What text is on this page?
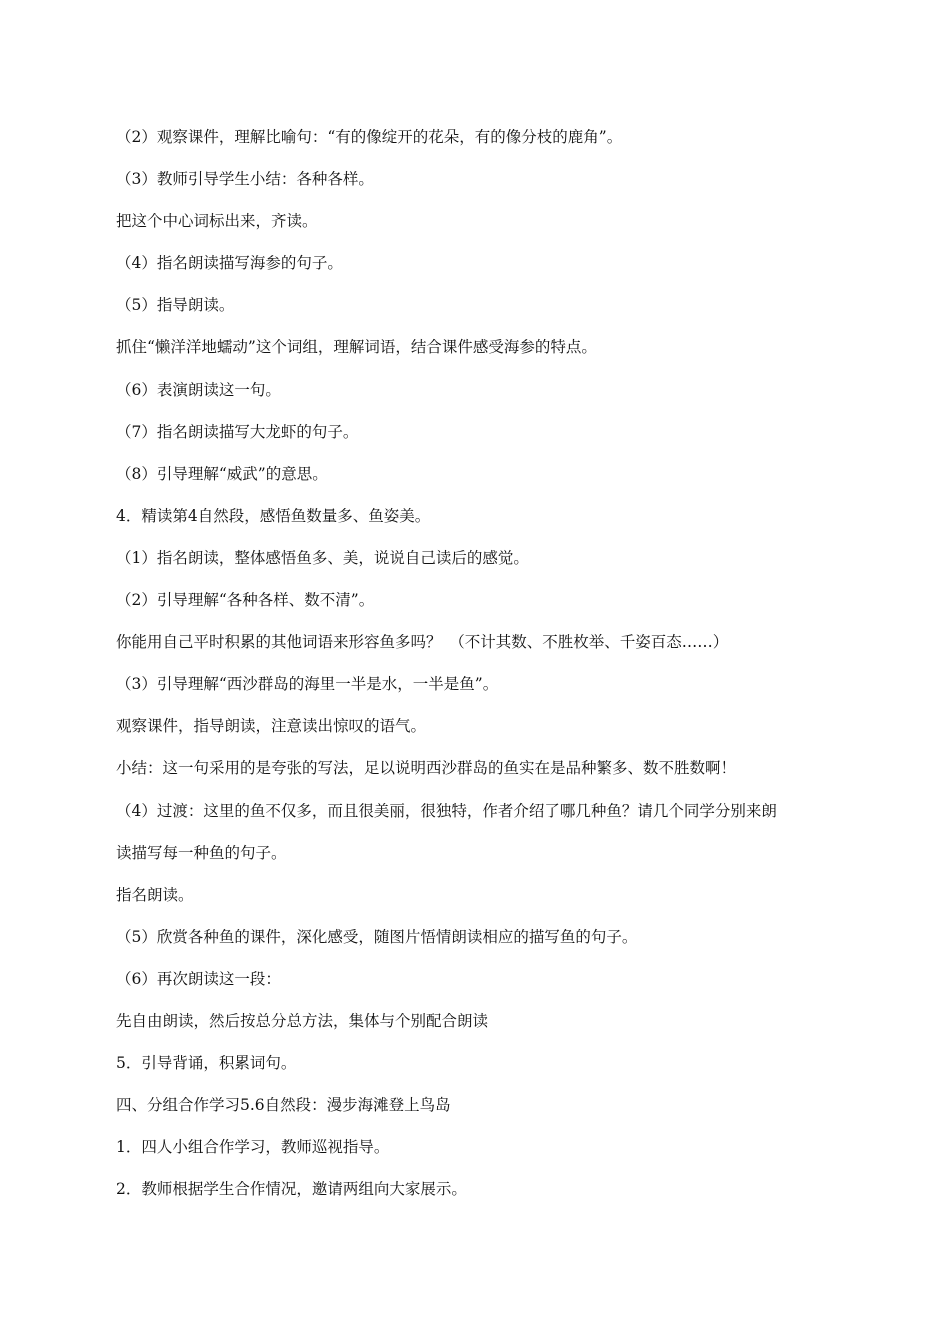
（2）观察课件，理解比喻句：“有的像绽开的花朵，有的像分枝的鹿角”。
（3）教师引导学生小结：各种各样。
把这个中心词标出来，齐读。
（4）指名朗读描写海参的句子。
（5）指导朗读。
抓住“懒洋洋地蠕动”这个词组，理解词语，结合课件感受海参的特点。
（6）表演朗读这一句。
（7）指名朗读描写大龙虾的句子。
（8）引导理解“威武”的意思。
4．精读第4自然段，感悟鱼数量多、鱼姿美。
（1）指名朗读，整体感悟鱼多、美，说说自己读后的感觉。
（2）引导理解“各种各样、数不清”。
你能用自己平时积累的其他词语来形容鱼多吗？　（不计其数、不胜枚举、千姿百态……）
（3）引导理解“西沙群岛的海里一半是水，一半是鱼”。
观察课件，指导朗读，注意读出惊叹的语气。
小结：这一句采用的是夸张的写法，足以说明西沙群岛的鱼实在是品种繁多、数不胜数啊！
（4）过渡：这里的鱼不仅多，而且很美丽，很独特，作者介绍了哪几种鱼？请几个同学分别来朗
读描写每一种鱼的句子。
指名朗读。
（5）欣赏各种鱼的课件，深化感受，随图片悟情朗读相应的描写鱼的句子。
（6）再次朗读这一段：
先自由朗读，然后按总分总方法，集体与个别配合朗读
5．引导背诵，积累词句。
四、分组合作学习5.6自然段：漫步海滩登上鸟岛
1．四人小组合作学习，教师巡视指导。
2．教师根据学生合作情况，邀请两组向大家展示。
